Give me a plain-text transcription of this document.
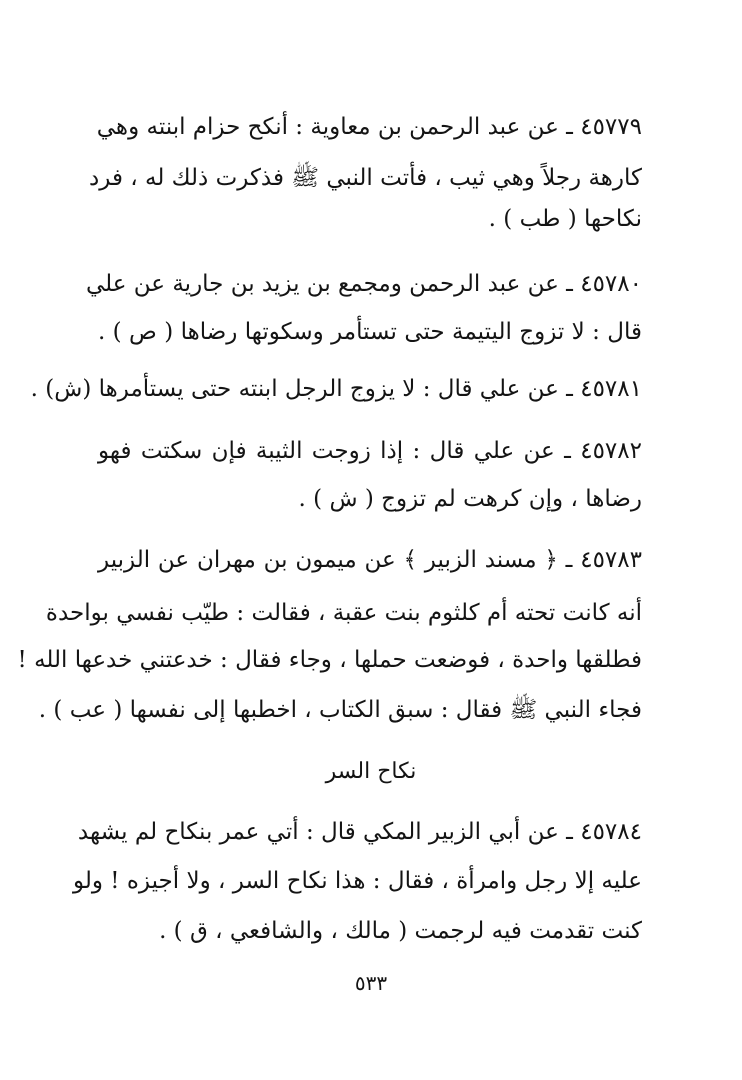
٤٥٧٧٩ ـ عن عبد الرحمن بن معاوية : أنكح حزام ابنته وهي
كارهة رجلاً وهي ثيب ، فأتت النبي ﷺ فذكرت ذلك له ، فرد
نكاحها ( طب ) .
٤٥٧٨٠ ـ عن عبد الرحمن ومجمع بن يزيد بن جارية عن علي
قال : لا تزوج اليتيمة حتى تستأمر وسكوتها رضاها ( ص ) .
٤٥٧٨١ ـ عن علي قال : لا يزوج الرجل ابنته حتى يستأمرها (ش) .
٤٥٧٨٢ ـ عن علي قال : إذا زوجت الثيبة فإن سكتت فهو
رضاها ، وإن كرهت لم تزوج ( ش ) .
٤٥٧٨٣ ـ ﴿ مسند الزبير ﴾ عن ميمون بن مهران عن الزبير
أنه كانت تحته أم كلثوم بنت عقبة ، فقالت : طيّب نفسي بواحدة
فطلقها واحدة ، فوضعت حملها ، وجاء فقال : خدعتني خدعها الله !
فجاء النبي ﷺ فقال : سبق الكتاب ، اخطبها إلى نفسها ( عب ) .
نكاح السر
٤٥٧٨٤ ـ عن أبي الزبير المكي قال : أتي عمر بنكاح لم يشهد
عليه إلا رجل وامرأة ، فقال : هذا نكاح السر ، ولا أجيزه ! ولو
كنت تقدمت فيه لرجمت ( مالك ، والشافعي ، ق ) .
٥٣٣
